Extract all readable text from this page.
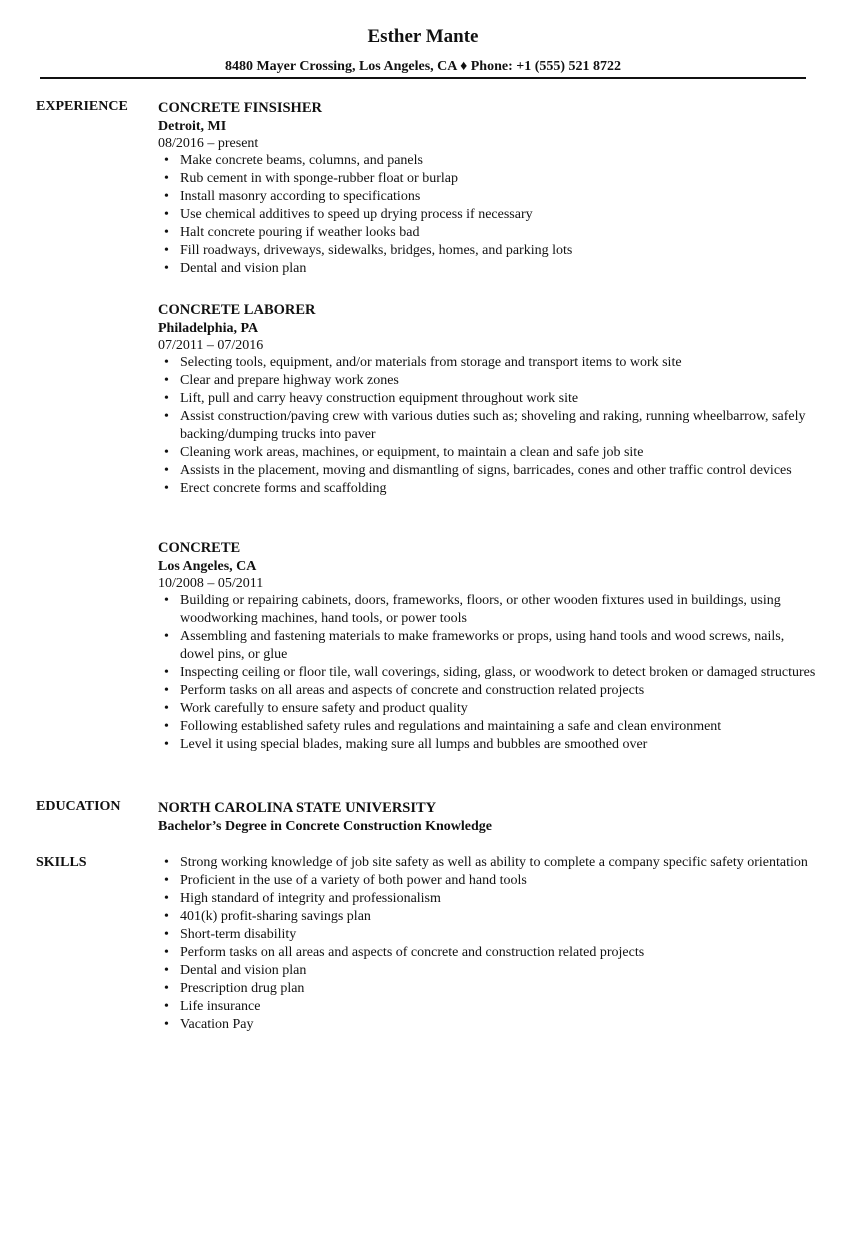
Esther Mante
8480 Mayer Crossing, Los Angeles, CA ♦ Phone: +1 (555) 521 8722
EXPERIENCE CONCRETE FINSISHER
Detroit, MI
08/2016 – present
• Make concrete beams, columns, and panels
• Rub cement in with sponge-rubber float or burlap
• Install masonry according to specifications
• Use chemical additives to speed up drying process if necessary
• Halt concrete pouring if weather looks bad
• Fill roadways, driveways, sidewalks, bridges, homes, and parking lots
• Dental and vision plan
CONCRETE LABORER
Philadelphia, PA
07/2011 – 07/2016
• Selecting tools, equipment, and/or materials from storage and transport items to work site
• Clear and prepare highway work zones
• Lift, pull and carry heavy construction equipment throughout work site
• Assist construction/paving crew with various duties such as; shoveling and raking, running wheelbarrow, safely backing/dumping trucks into paver
• Cleaning work areas, machines, or equipment, to maintain a clean and safe job site
• Assists in the placement, moving and dismantling of signs, barricades, cones and other traffic control devices
• Erect concrete forms and scaffolding
CONCRETE
Los Angeles, CA
10/2008 – 05/2011
• Building or repairing cabinets, doors, frameworks, floors, or other wooden fixtures used in buildings, using woodworking machines, hand tools, or power tools
• Assembling and fastening materials to make frameworks or props, using hand tools and wood screws, nails, dowel pins, or glue
• Inspecting ceiling or floor tile, wall coverings, siding, glass, or woodwork to detect broken or damaged structures
• Perform tasks on all areas and aspects of concrete and construction related projects
• Work carefully to ensure safety and product quality
• Following established safety rules and regulations and maintaining a safe and clean environment
• Level it using special blades, making sure all lumps and bubbles are smoothed over
EDUCATION	NORTH CAROLINA STATE UNIVERSITY
Bachelor’s Degree in Concrete Construction Knowledge
SKILLS
•	Strong working knowledge of job site safety as well as ability to complete a company specific safety orientation
• Proficient in the use of a variety of both power and hand tools
• High standard of integrity and professionalism
• 401(k) profit-sharing savings plan
• Short-term disability
• Perform tasks on all areas and aspects of concrete and construction related projects
• Dental and vision plan
• Prescription drug plan
• Life insurance
• Vacation Pay
